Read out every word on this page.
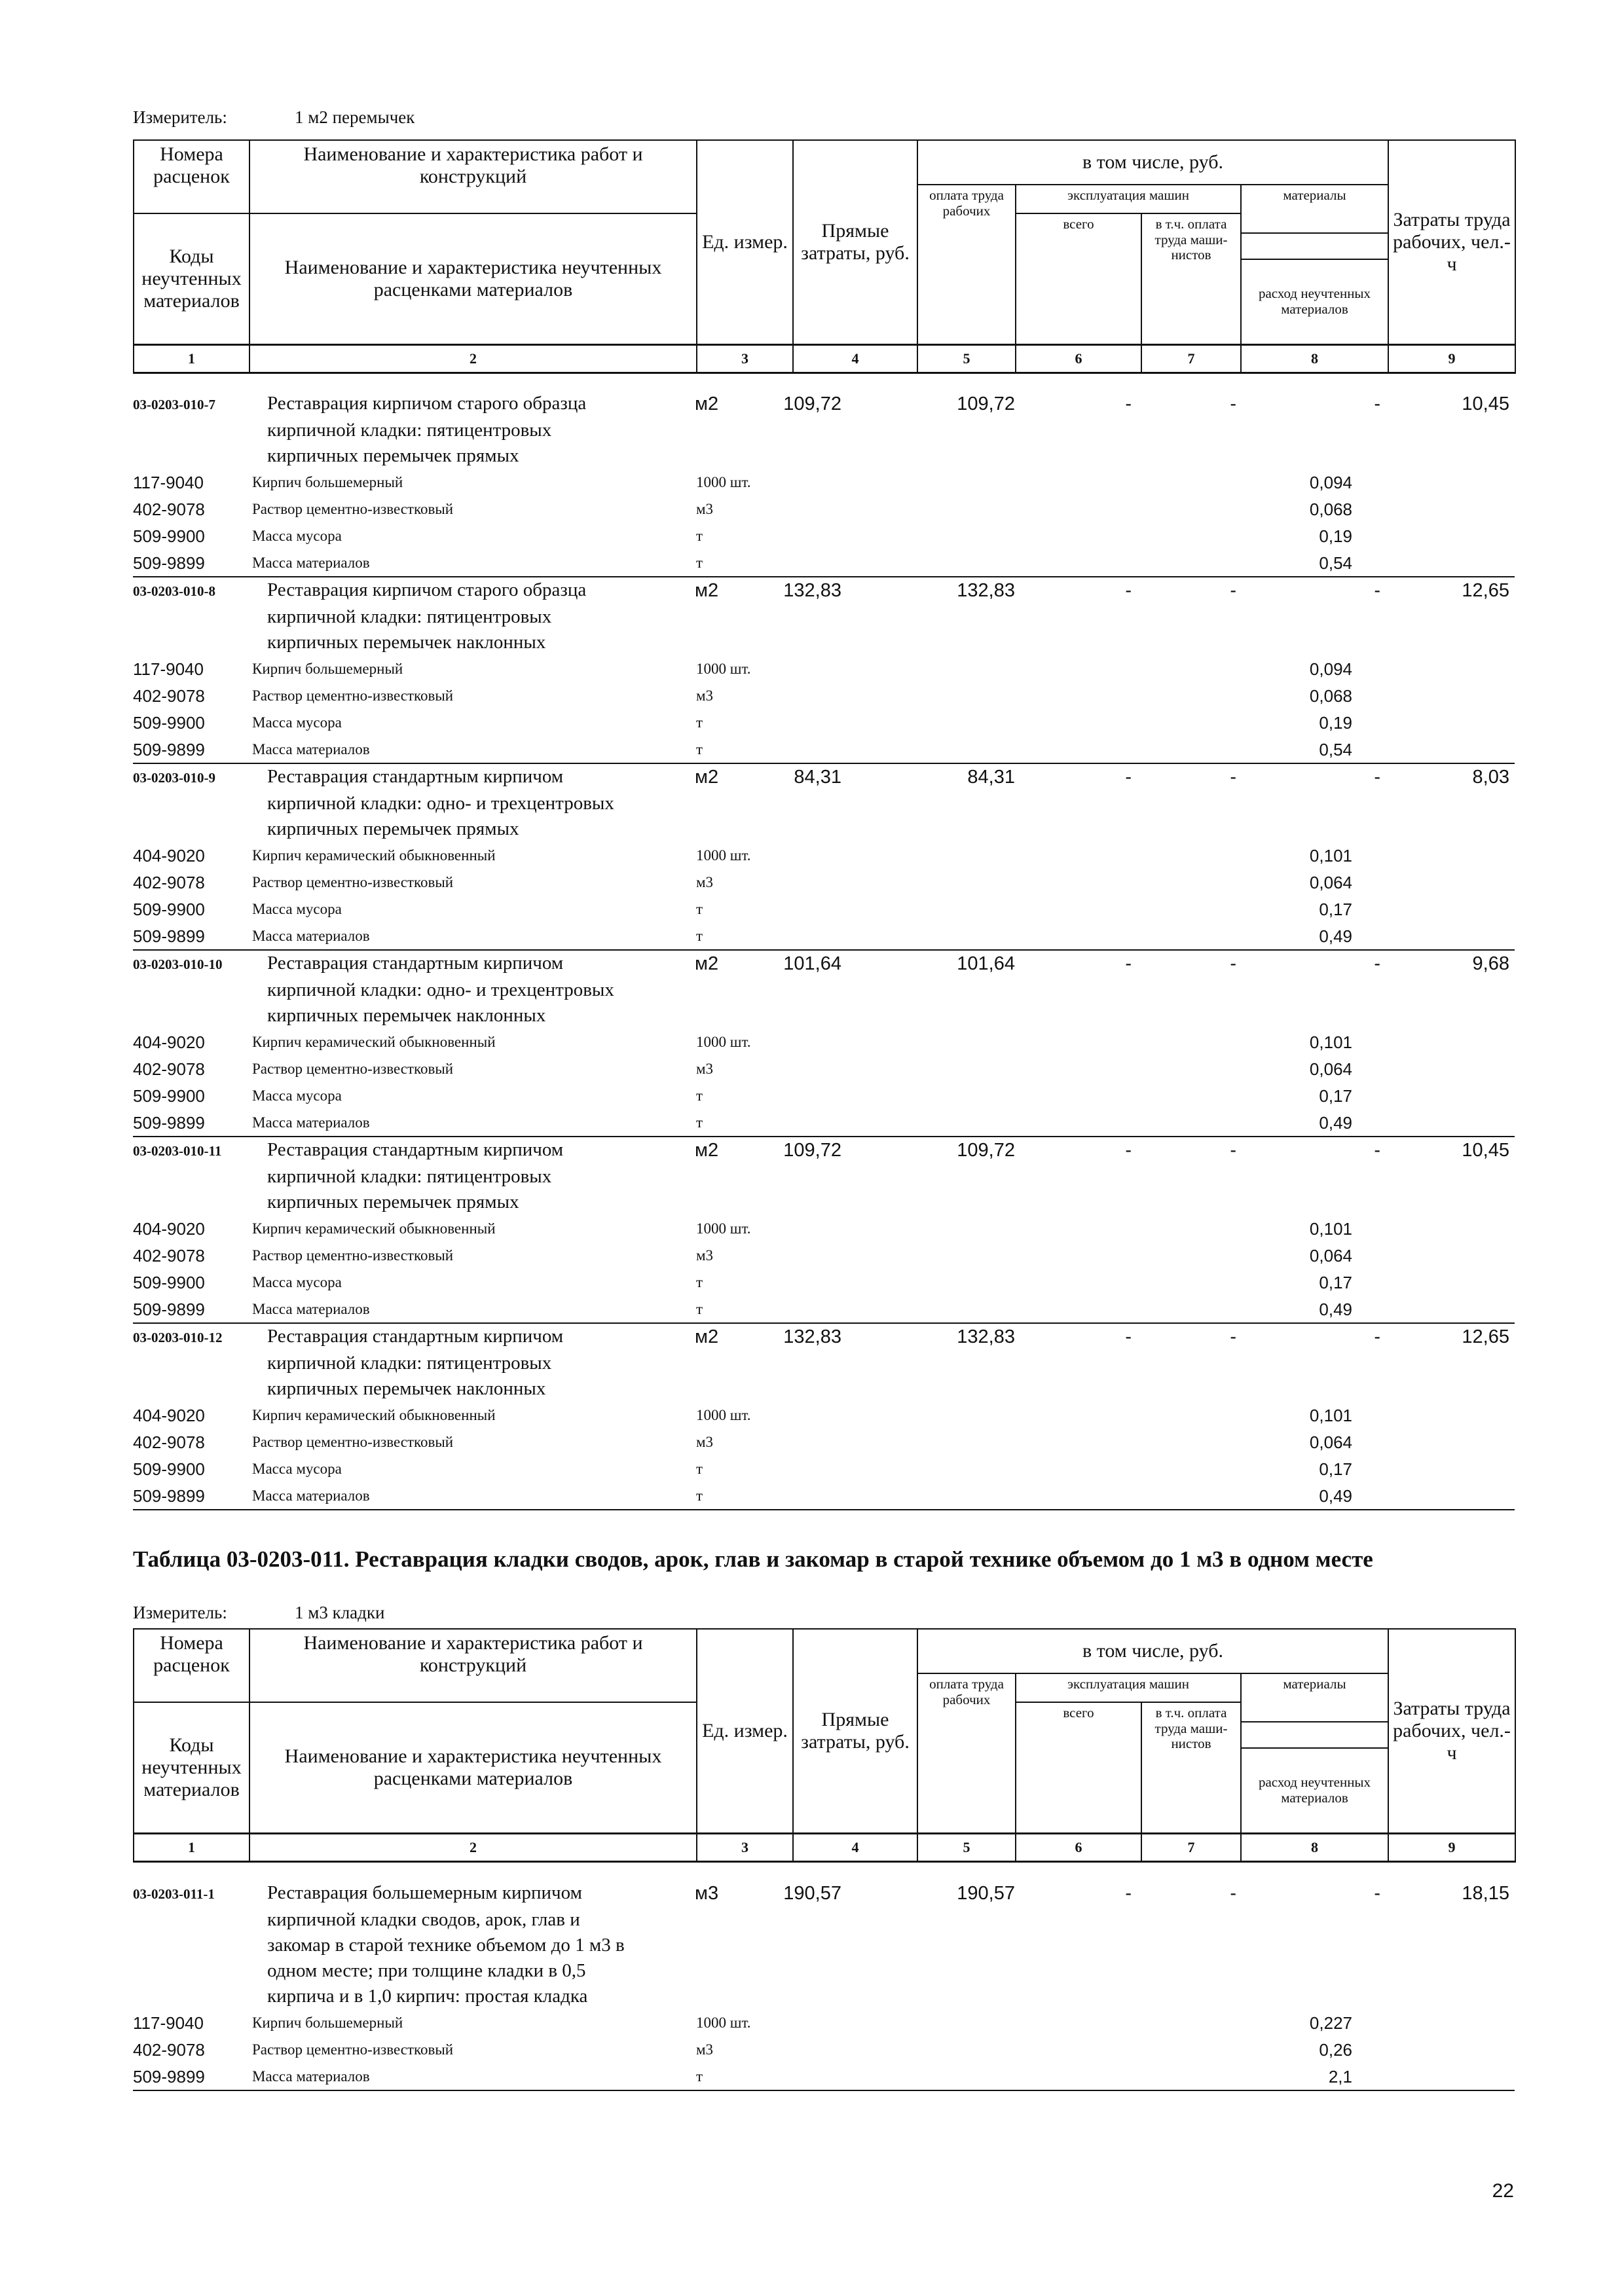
Измеритель:	1 м2 перемычек
Номера расценок	Наименование и характеристика работ и конструкций	Ед. измер.	Прямые затраты, руб.	в том числе, руб.				Затраты труда рабочих, чел.-ч
				оплата труда рабочих	эксплуатация машин		материалы	
Коды неучтенных материалов	Наименование и характеристика неучтенных расценками материалов				всего	в т.ч. оплата труда маши- нистов		

							расход неучтенных материалов	
1	2	3	4	5	6	7	8	9
03-0203-010-7	Реставрация кирпичом старого образца	м2	109,72	109,72	-	-	-	10,45
кирпичной кладки: пятицентровых
кирпичных перемычек прямых
117-9040	Кирпич большемерный	1000 шт.	0,094
402-9078	Раствор цементно-известковый	м3	0,068
509-9900	Масса мусора	т	0,19
509-9899	Масса материалов	т	0,54
03-0203-010-8	Реставрация кирпичом старого образца	м2	132,83	132,83	-	-	-	12,65
кирпичной кладки: пятицентровых
кирпичных перемычек наклонных
117-9040	Кирпич большемерный	1000 шт.	0,094
402-9078	Раствор цементно-известковый	м3	0,068
509-9900	Масса мусора	т	0,19
509-9899	Масса материалов	т	0,54
03-0203-010-9	Реставрация стандартным кирпичом	м2	84,31	84,31	-	-	-	8,03
кирпичной кладки: одно- и трехцентровых
кирпичных перемычек прямых
404-9020	Кирпич керамический обыкновенный	1000 шт.	0,101
402-9078	Раствор цементно-известковый	м3	0,064
509-9900	Масса мусора	т	0,17
509-9899	Масса материалов	т	0,49
03-0203-010-10 Реставрация стандартным кирпичом	м2	101,64	101,64	-	-	-	9,68
кирпичной кладки: одно- и трехцентровых
кирпичных перемычек наклонных
404-9020	Кирпич керамический обыкновенный	1000 шт.	0,101
402-9078	Раствор цементно-известковый	м3	0,064
509-9900	Масса мусора	т	0,17
509-9899	Масса материалов	т	0,49
03-0203-010-11 Реставрация стандартным кирпичом	м2	109,72	109,72	-	-	-	10,45
кирпичной кладки: пятицентровых
кирпичных перемычек прямых
404-9020	Кирпич керамический обыкновенный	1000 шт.	0,101
402-9078	Раствор цементно-известковый	м3	0,064
509-9900	Масса мусора	т	0,17
509-9899	Масса материалов	т	0,49
03-0203-010-12 Реставрация стандартным кирпичом	м2	132,83	132,83	-	-	-	12,65
кирпичной кладки: пятицентровых
кирпичных перемычек наклонных
404-9020	Кирпич керамический обыкновенный	1000 шт.	0,101
402-9078	Раствор цементно-известковый	м3	0,064
509-9900	Масса мусора	т	0,17
509-9899	Масса материалов	т	0,49
Таблица 03-0203-011. Реставрация кладки сводов, арок, глав и закомар в старой технике объемом до 1 м3 в одном месте
Измеритель:	1 м3 кладки
Номера расценок	Наименование и характеристика работ и конструкций	Ед. измер.	Прямые затраты, руб.	в том числе, руб.				Затраты труда рабочих, чел.-ч
				оплата труда рабочих	эксплуатация машин		материалы	
Коды неучтенных материалов	Наименование и характеристика неучтенных расценками материалов				всего	в т.ч. оплата труда маши- нистов		

							расход неучтенных материалов	
1	2	3	4	5	6	7	8	9
03-0203-011-1	Реставрация большемерным кирпичом	м3	190,57	190,57	-	-	-	18,15
кирпичной кладки сводов, арок, глав и
закомар в старой технике объемом до 1 м3 в
одном месте; при толщине кладки в 0,5
кирпича и в 1,0 кирпич: простая кладка
117-9040	Кирпич большемерный	1000 шт.	0,227
402-9078	Раствор цементно-известковый	м3	0,26
509-9899	Масса материалов	т	2,1
22
